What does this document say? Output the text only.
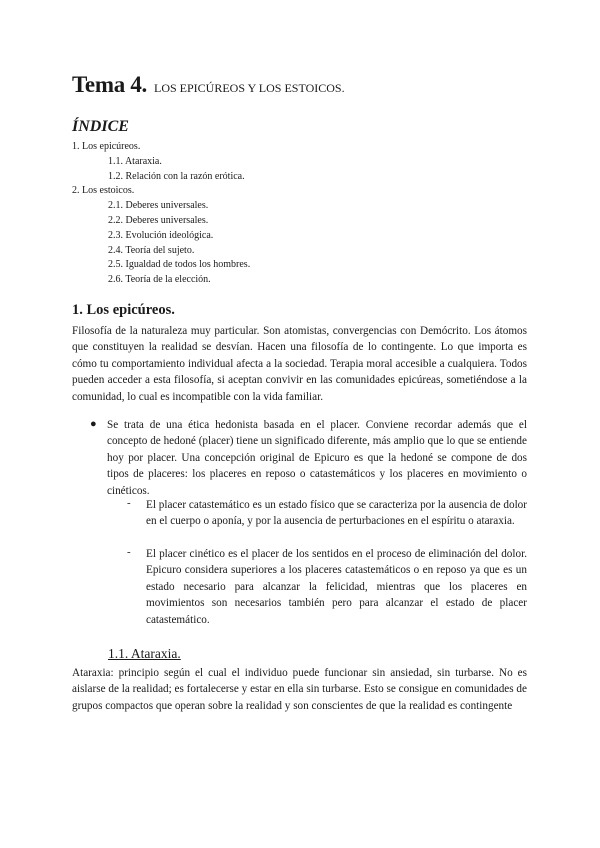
Tema 4. LOS EPICÚREOS Y LOS ESTOICOS.
ÍNDICE
1. Los epicúreos.
1.1. Ataraxia.
1.2. Relación con la razón erótica.
2. Los estoicos.
2.1. Deberes universales.
2.2. Deberes universales.
2.3. Evolución ideológica.
2.4. Teoría del sujeto.
2.5. Igualdad de todos los hombres.
2.6. Teoría de la elección.
1. Los epicúreos.

Filosofía de la naturaleza muy particular. Son atomistas, convergencias con Demócrito. Los átomos que constituyen la realidad se desvían. Hacen una filosofía de lo contingente. Lo que importa es cómo tu comportamiento individual afecta a la sociedad. Terapia moral accesible a cualquiera. Todos pueden acceder a esta filosofía, si aceptan convivir en las comunidades epicúreas, sometiéndose a la comunidad, lo cual es incompatible con la vida familiar.

● Se trata de una ética hedonista basada en el placer. Conviene recordar además que el concepto de hedoné (placer) tiene un significado diferente, más amplio que lo que se entiende hoy por placer. Una concepción original de Epicuro es que la hedoné se compone de dos tipos de placeres: los placeres en reposo o catastemáticos y los placeres en movimiento o cinéticos.

- El placer catastemático es un estado físico que se caracteriza por la ausencia de dolor en el cuerpo o aponía, y por la ausencia de perturbaciones en el espíritu o ataraxia.

- El placer cinético es el placer de los sentidos en el proceso de eliminación del dolor. Epicuro considera superiores a los placeres catastemáticos o en reposo ya que es un estado necesario para alcanzar la felicidad, mientras que los placeres en movimientos son necesarios también pero para alcanzar el estado de placer catastemático.

1.1. Ataraxia.

Ataraxia: principio según el cual el individuo puede funcionar sin ansiedad, sin turbarse. No es aislarse de la realidad; es fortalecerse y estar en ella sin turbarse. Esto se consigue en comunidades de grupos compactos que operan sobre la realidad y son conscientes de que la realidad es contingente
